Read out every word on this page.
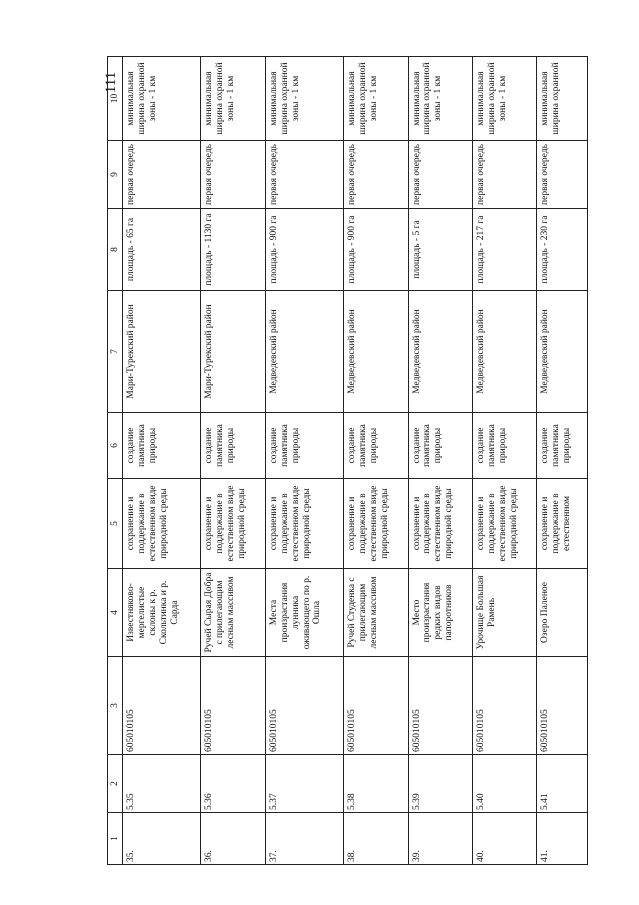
111
1	2	3	4	5	6	7	8	9	10
35.	5.35	605010105	Известняково-мергелистые склоны к р. Скольтинка и р. Сарда	сохранение и поддержание в естественном виде природной среды	создание памятника природы	Мари-Турекский район	площадь - 65 га	первая очередь	минимальная ширина охранной зоны - 1 км
36.	5.36	605010105	Ручей Сырая Добра с прилегающим лесным массивом	сохранение и поддержание в естественном виде природной среды	создание памятника природы	Мари-Турекский район	площадь - 1130 га	первая очередь	минимальная ширина охранной зоны - 1 км
37.	5.37	605010105	Места произрастания лунника оживающего по р. Ошла	сохранение и поддержание в естественном виде природной среды	создание памятника природы	Медведевский район	площадь - 900 га	первая очередь	минимальная ширина охранной зоны - 1 км
38.	5.38	605010105	Ручей Студенка с прилегающим лесным массивом	сохранение и поддержание в естественном виде природной среды	создание памятника природы	Медведевский район	площадь - 900 га	первая очередь	минимальная ширина охранной зоны - 1 км
39.	5.39	605010105	Место произрастания редких видов папоротников	сохранение и поддержание в естественном виде природной среды	создание памятника природы	Медведевский район	площадь - 5 га	первая очередь	минимальная ширина охранной зоны - 1 км
40.	5.40	605010105	Урочище Большая Рамень	сохранение и поддержание в естественном виде природной среды	создание памятника природы	Медведевский район	площадь - 217 га	первая очередь	минимальная ширина охранной зоны - 1 км
41.	5.41	605010105	Озеро Паленое	сохранение и поддержание в естественном	создание памятника природы	Медведевский район	площадь - 230 га	первая очередь	минимальная ширина охранной
